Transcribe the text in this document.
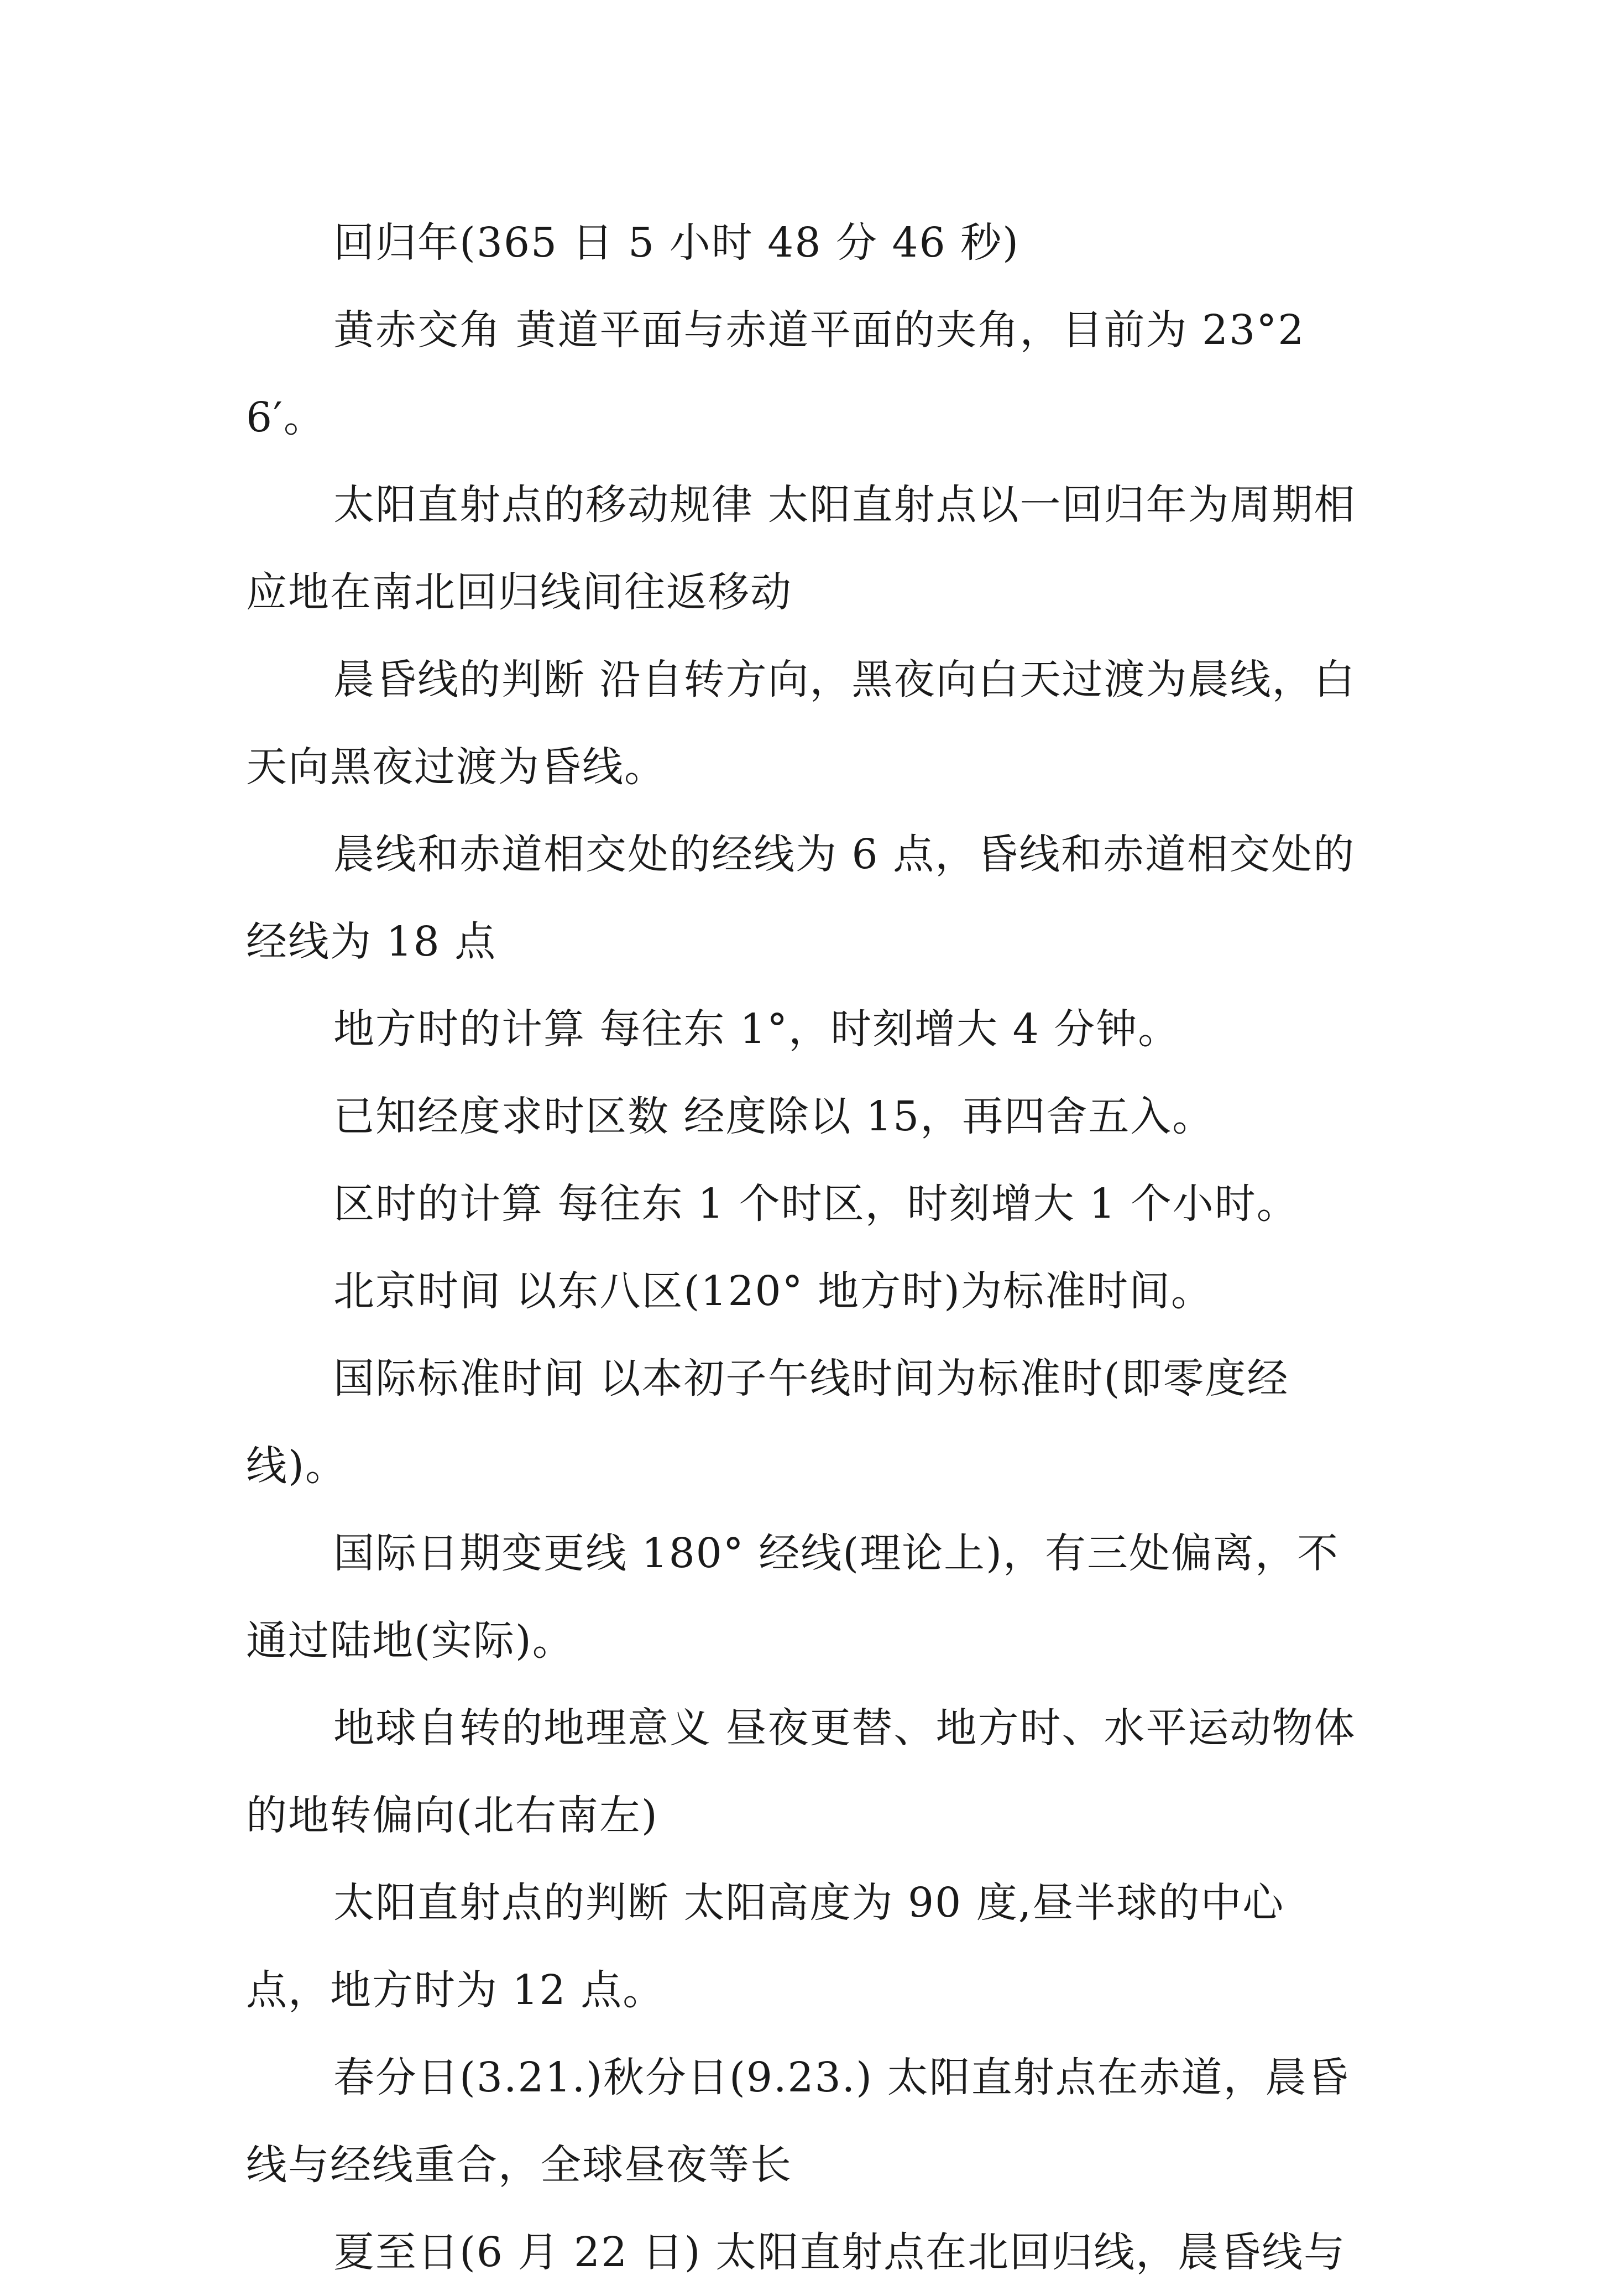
回归年(365 日 5 小时 48 分 46 秒)

黄赤交角 黄道平面与赤道平面的夹角，目前为 23°26′。

太阳直射点的移动规律 太阳直射点以一回归年为周期相应地在南北回归线间往返移动

晨昏线的判断 沿自转方向，黑夜向白天过渡为晨线，白天向黑夜过渡为昏线。

晨线和赤道相交处的经线为 6 点，昏线和赤道相交处的经线为 18 点

地方时的计算 每往东 1°，时刻增大 4 分钟。

已知经度求时区数 经度除以 15，再四舍五入。

区时的计算 每往东 1 个时区，时刻增大 1 个小时。

北京时间 以东八区(120° 地方时)为标准时间。

国际标准时间 以本初子午线时间为标准时(即零度经线)。

国际日期变更线 180° 经线(理论上)，有三处偏离，不通过陆地(实际)。

地球自转的地理意义 昼夜更替、地方时、水平运动物体的地转偏向(北右南左)

太阳直射点的判断 太阳高度为 90 度,昼半球的中心点，地方时为 12 点。

春分日(3.21.)秋分日(9.23.) 太阳直射点在赤道，晨昏线与经线重合，全球昼夜等长

夏至日(6 月 22 日) 太阳直射点在北回归线，晨昏线与
